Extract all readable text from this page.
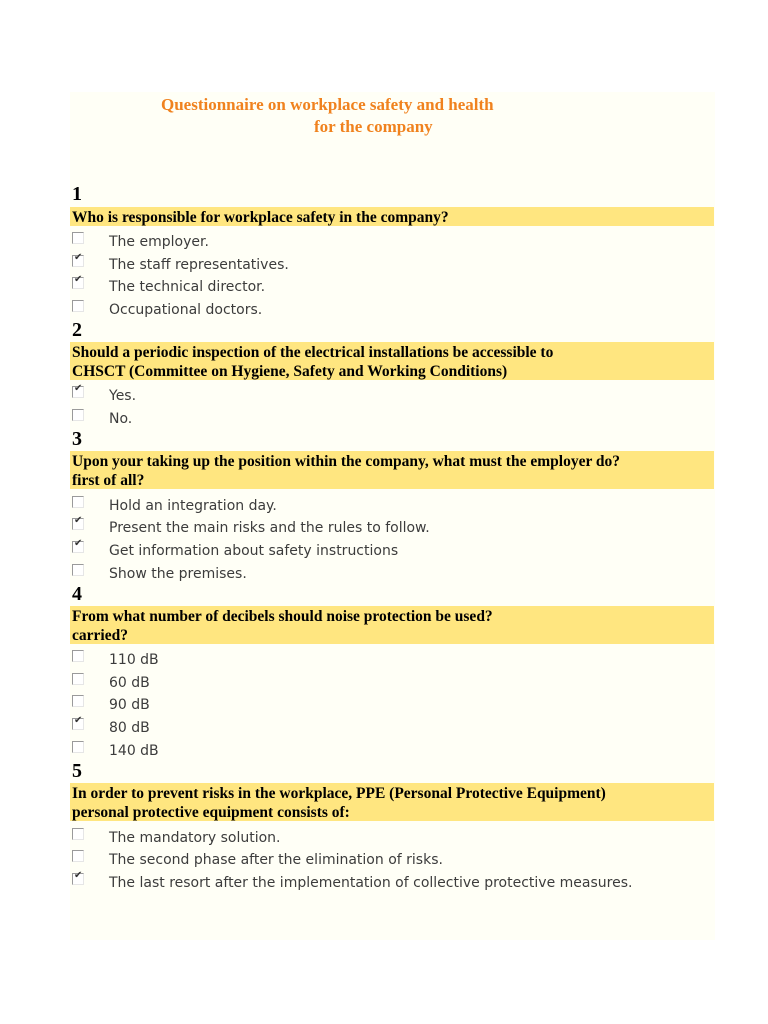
Questionnaire on workplace safety and health
for the company
1
Who is responsible for workplace safety in the company?
The employer.
✔ The staff representatives.
✔ The technical director.
Occupational doctors.
2
Should a periodic inspection of the electrical installations be accessible to
CHSCT (Committee on Hygiene, Safety and Working Conditions)
✔ Yes.
No.
3
Upon your taking up the position within the company, what must the employer do?
first of all?
Hold an integration day.
✔ Present the main risks and the rules to follow.
✔ Get information about safety instructions
Show the premises.
4
From what number of decibels should noise protection be used?
carried?
110 dB
60 dB
90 dB
✔ 80 dB
140 dB
5
In order to prevent risks in the workplace, PPE (Personal Protective Equipment)
personal protective equipment consists of:
The mandatory solution.
The second phase after the elimination of risks.
✔ The last resort after the implementation of collective protective measures.
